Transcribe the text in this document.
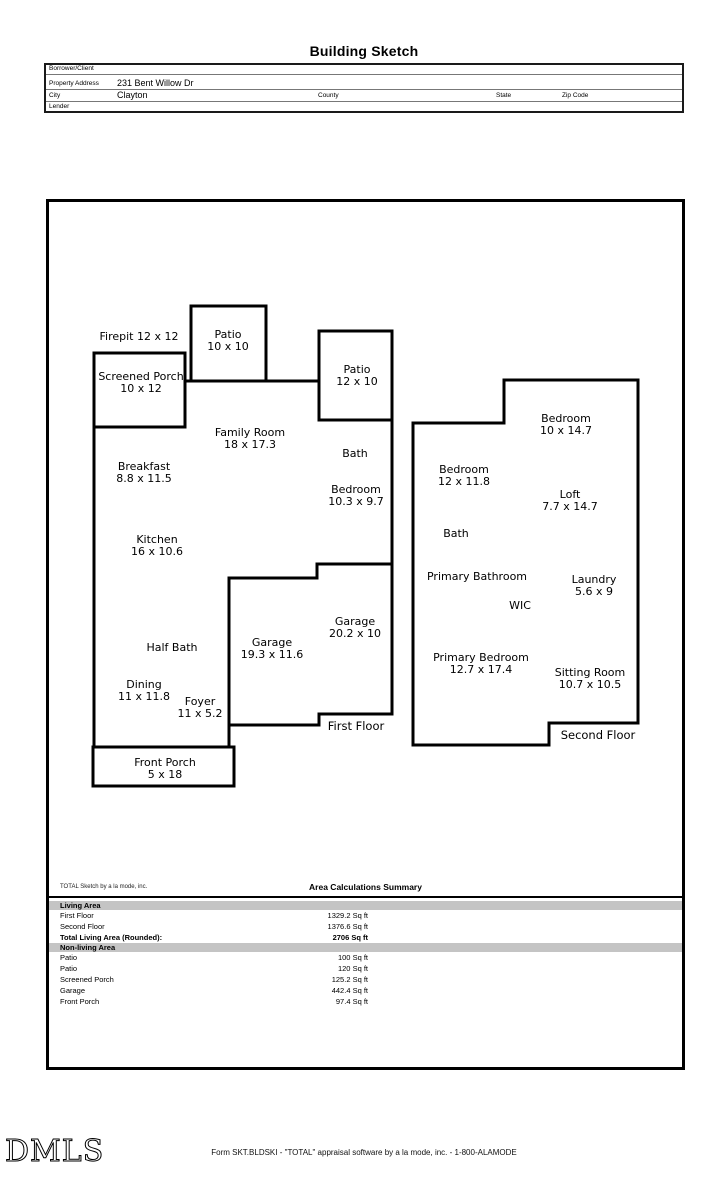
Building Sketch
Borrower/Client
Property Address 231 Bent Willow Dr
City	Clayton	County	State	Zip Code
Lender
Firepit 12 x 12	Patio
10 x 10
Screened Porch
10 x 12
Patio
12 x 10
Family Room
18 x 17.3
Bath
Breakfast
8.8 x 11.5
Bedroom
10.3 x 9.7
Kitchen
16 x 10.6
Half Bath	Garage
19.3 x 11.6
Garage
20.2 x 10
Dining
11 x 11.8	Foyer
11 x 5.2
Front Porch
5 x 18
First Floor
Bedroom
10 x 14.7
Bedroom
12 x 11.8
Loft
7.7 x 14.7
Bath
Primary Bathroom	Laundry
5.6 x 9
WIC
Primary Bedroom
12.7 x 17.4	Sitting Room
10.7 x 10.5
Second Floor
TOTAL Sketch by a la mode, inc.	Area Calculations Summary
Living Area
First Floor	1329.2 Sq ft
Second Floor	1376.6 Sq ft
Total Living Area (Rounded):	2706 Sq ft
Non-living Area
Patio	100 Sq ft
Patio	120 Sq ft
Screened Porch	125.2 Sq ft
Garage	442.4 Sq ft
Front Porch	97.4 Sq ft
DMLS	Form SKT.BLDSKI - "TOTAL" appraisal software by a la mode, inc. - 1-800-ALAMODE
